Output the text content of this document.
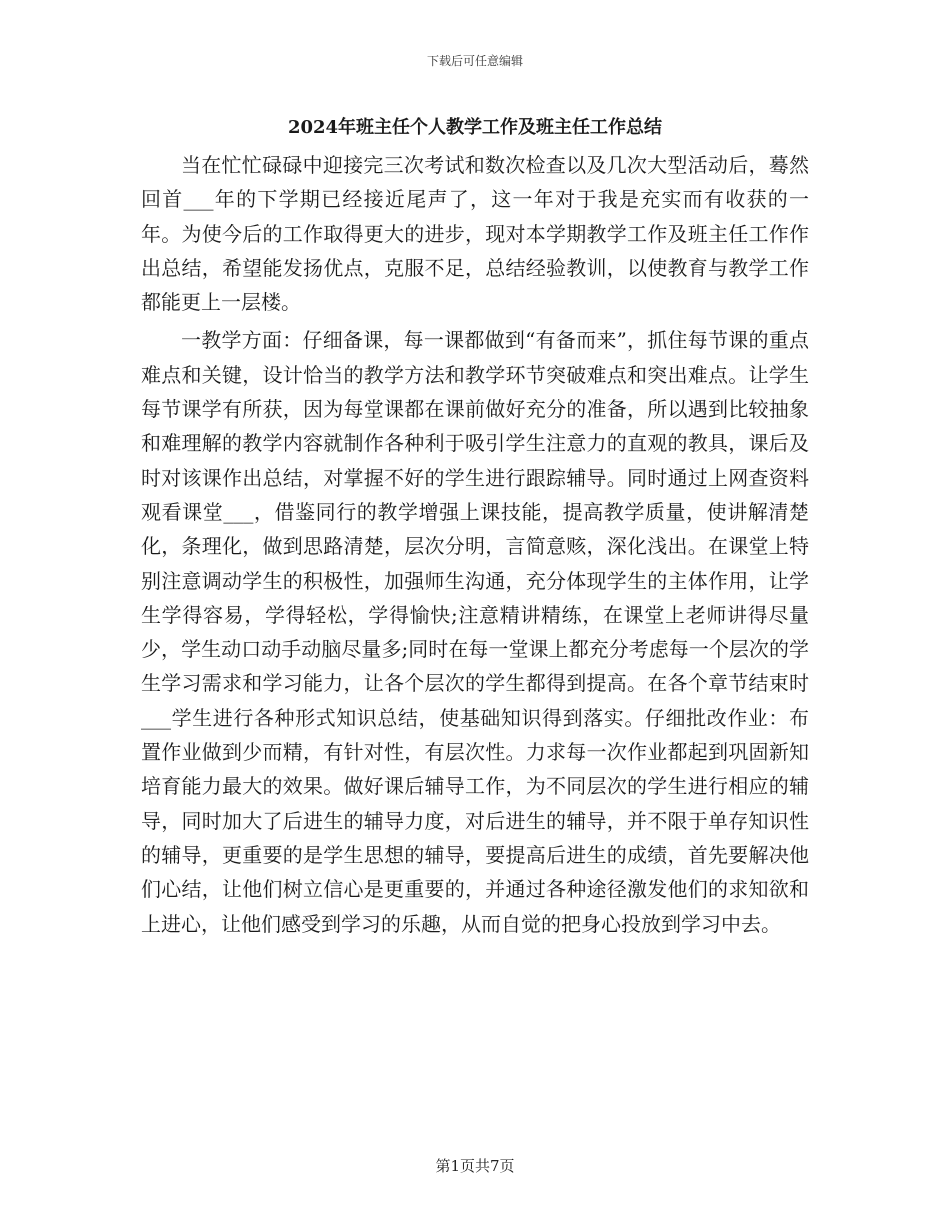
下载后可任意编辑
2024年班主任个人教学工作及班主任工作总结

当在忙忙碌碌中迎接完三次考试和数次检查以及几次大型活动后，蓦然回首___年的下学期已经接近尾声了，这一年对于我是充实而有收获的一年。为使今后的工作取得更大的进步，现对本学期教学工作及班主任工作作出总结，希望能发扬优点，克服不足，总结经验教训，以使教育与教学工作都能更上一层楼。

一教学方面：仔细备课，每一课都做到“有备而来”，抓住每节课的重点难点和关键，设计恰当的教学方法和教学环节突破难点和突出难点。让学生每节课学有所获，因为每堂课都在课前做好充分的准备，所以遇到比较抽象和难理解的教学内容就制作各种利于吸引学生注意力的直观的教具，课后及时对该课作出总结，对掌握不好的学生进行跟踪辅导。同时通过上网查资料观看课堂___，借鉴同行的教学增强上课技能，提高教学质量，使讲解清楚化，条理化，做到思路清楚，层次分明，言简意赅，深化浅出。在课堂上特别注意调动学生的积极性，加强师生沟通，充分体现学生的主体作用，让学生学得容易，学得轻松，学得愉快;注意精讲精练，在课堂上老师讲得尽量少，学生动口动手动脑尽量多;同时在每一堂课上都充分考虑每一个层次的学生学习需求和学习能力，让各个层次的学生都得到提高。在各个章节结束时___学生进行各种形式知识总结，使基础知识得到落实。仔细批改作业：布置作业做到少而精，有针对性，有层次性。力求每一次作业都起到巩固新知培育能力最大的效果。做好课后辅导工作，为不同层次的学生进行相应的辅导，同时加大了后进生的辅导力度，对后进生的辅导，并不限于单存知识性的辅导，更重要的是学生思想的辅导，要提高后进生的成绩，首先要解决他们心结，让他们树立信心是更重要的，并通过各种途径激发他们的求知欲和上进心，让他们感受到学习的乐趣，从而自觉的把身心投放到学习中去。

第1页共7页
